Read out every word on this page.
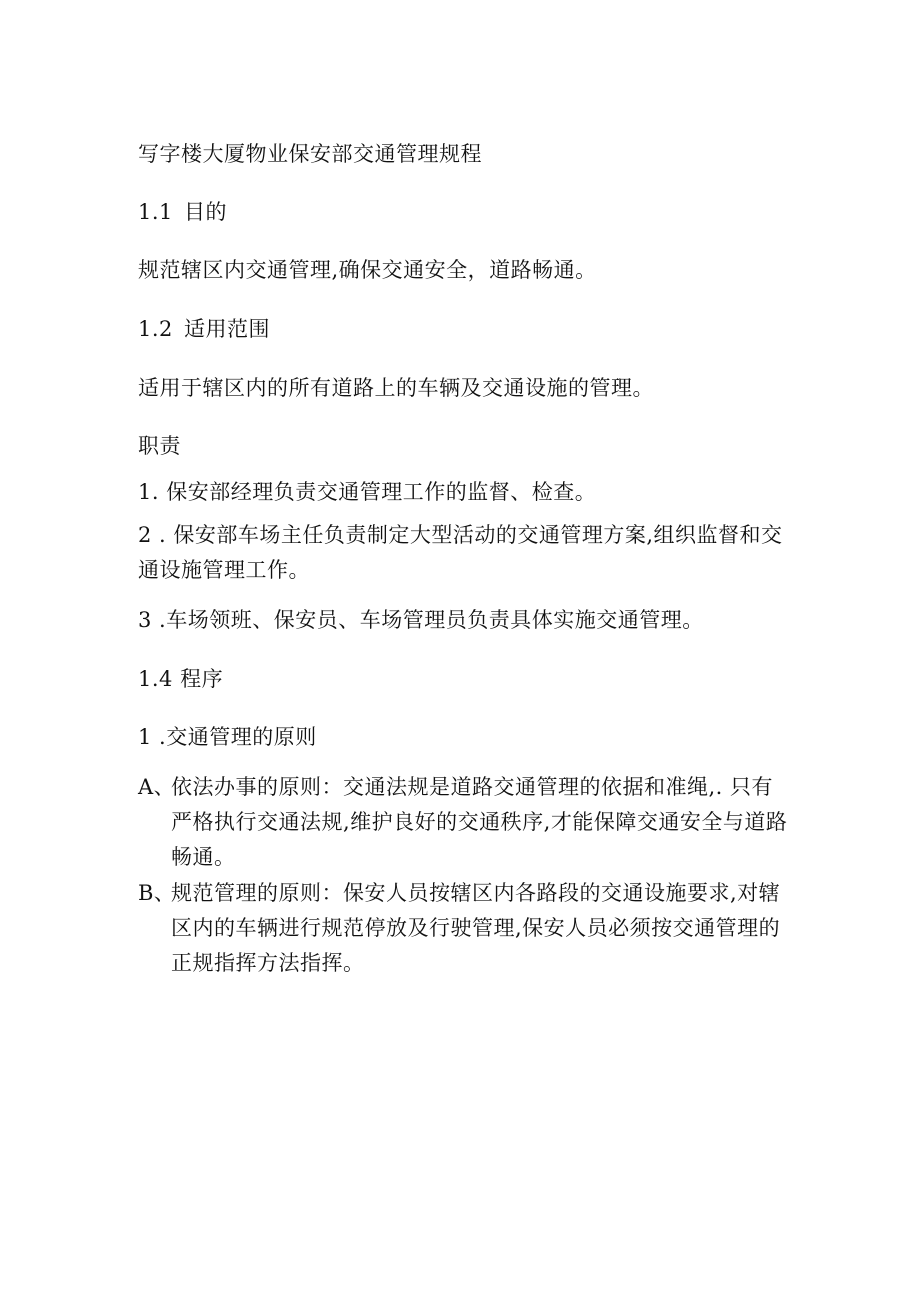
写字楼大厦物业保安部交通管理规程
1.1 目的
规范辖区内交通管理,确保交通安全，道路畅通。
1.2 适用范围
适用于辖区内的所有道路上的车辆及交通设施的管理。
职责
1. 保安部经理负责交通管理工作的监督、检查。
2 . 保安部车场主任负责制定大型活动的交通管理方案,组织监督和交通设施管理工作。
3 .车场领班、保安员、车场管理员负责具体实施交通管理。
1.4 程序
1 .交通管理的原则
A、
依法办事的原则：交通法规是道路交通管理的依据和准绳,. 只有严格执行交通法规,维护良好的交通秩序,才能保障交通安全与道路畅通。
B、
规范管理的原则：保安人员按辖区内各路段的交通设施要求,对辖区内的车辆进行规范停放及行驶管理,保安人员必须按交通管理的正规指挥方法指挥。
